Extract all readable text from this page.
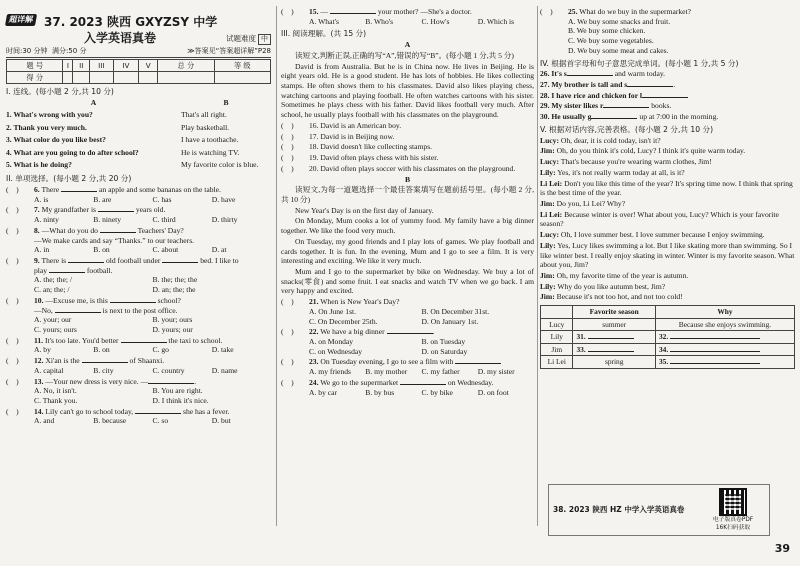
超详解 37. 2023 陕西 GXYZSY 中学
入学英语真卷	试题难度 中
时间:30 分钟 满分:50 分	≫答案见“答案超详解”P28
题 号	I	II	III	IV	V	总 分	等 级
得 分							
I. 连线。(每小题 2 分,共 10 分)
A	B
1. What's wrong with you?	That's all right.
2. Thank you very much.	Play basketball.
3. What color do you like best?	I have a toothache.
4. What are you going to do after school?	He is watching TV.
5. What is he doing?	My favorite color is blue.
II. 单项选择。(每小题 2 分,共 20 分)
(    )	6. There	an apple and some bananas on the table.
A. is	B. are	C. has	D. have
(    )	7. My grandfather is	years old.
A. ninty	B. ninety	C. third	D. thirty
(    )	8. —What do you do	Teachers' Day?
—We make cards and say “Thanks.” to our teachers.
A. in	B. on	C. about	D. at
(    )	9. There is	old football under	bed. I like to
play	football.
A. the; the; /	B. the; the; the
C. an; the; /	D. an; the; the
(    )	10. —Excuse me, is this	school?
—No,	is next to the post office.
A. your; our	B. your; ours
C. yours; ours	D. yours; our
(    )	11. It's too late. You'd better	the taxi to school.
A. by	B. on	C. go	D. take
(    )	12. Xi'an is the	of Shaanxi.
A. capital	B. city	C. country	D. name
(    )	13. —Your new dress is very nice. —	.
A. No, it isn't.	B. You are right.
C. Thank you.	D. I think it's nice.
(    )	14. Lily can't go to school today,	she has a fever.
A. and	B. because	C. so	D. but
(    )	15. —	your mother? —She's a doctor.
A. What's	B. Who's	C. How's	D. Which is
III. 阅读理解。(共 15 分)
A
读短文,判断正误,正确的写“A”,错误的写“B”。(每小题 1 分,共 5 分)
David is from Australia. But he is in China now. He lives in Beijing. He is eight years old. He is a good student. He has lots of hobbies. He likes collecting stamps. He often shows them to his classmates. David also likes playing chess, watching cartoons and playing football. He often watches cartoons with his sister. Sometimes he plays chess with his father. David likes football very much. After school, he usually plays football with his classmates on the playground.
(    )	16. David is an American boy.
(    )	17. David is in Beijing now.
(    )	18. David doesn't like collecting stamps.
(    )	19. David often plays chess with his sister.
(    )	20. David often plays soccer with his classmates on the playground.
B
读短文,为每一道题选择一个最佳答案填写在题前括号里。(每小题 2 分,共 10 分)
New Year's Day is on the first day of January.
On Monday, Mum cooks a lot of yummy food. My family have a big dinner together. We like the food very much.
On Tuesday, my good friends and I play lots of games. We play football and cards together. It is fun. In the evening, Mum and I go to see a film. It is very interesting and exciting. We like it very much.
Mum and I go to the supermarket by bike on Wednesday. We buy a lot of snacks(零食) and some fruit. I eat snacks and watch TV when we go back. I am very happy and excited.
(    )	21. When is New Year's Day?
A. On June 1st.	B. On December 31st.
C. On December 25th.	D. On January 1st.
(    )	22. We have a big dinner	.
A. on Monday	B. on Tuesday
C. on Wednesday	D. on Saturday
(    )	23. On Tuesday evening, I go to see a film with
A. my friends	B. my mother	C. my father	D. my sister
(    )	24. We go to the supermarket	on Wednesday.
A. by car	B. by bus	C. by bike	D. on foot
(    )	25. What do we buy in the supermarket?
A. We buy some snacks and fruit.
B. We buy some chicken.
C. We buy some vegetables.
D. We buy some meat and cakes.
IV. 根据首字母和句子意思完成单词。(每小题 1 分,共 5 分)
26. It's s	and warm today.
27. My brother is tall and s	.
28. I have rice and chicken for l
29. My sister likes r	books.
30. He usually g	up at 7:00 in the morning.
V. 根据对话内容,完善表格。(每小题 2 分,共 10 分)
Lucy: Oh, dear, it is cold today, isn't it?
Jim: Oh, do you think it's cold, Lucy? I think it's quite warm today.
Lucy: That's because you're wearing warm clothes, Jim!
Lily: Yes, it's not really warm today at all, is it?
Li Lei: Don't you like this time of the year? It's spring time now. I think that spring is the best time of the year.
Jim: Do you, Li Lei? Why?
Li Lei: Because winter is over! What about you, Lucy? Which is your favorite season?
Lucy: Oh, I love summer best. I love summer because I enjoy swimming.
Lily: Yes, Lucy likes swimming a lot. But I like skating more than swimming. So I like winter best. I really enjoy skating in winter. Winter is my favorite season. What about you, Jim?
Jim: Oh, my favorite time of the year is autumn.
Lily: Why do you like autumn best, Jim?
Jim: Because it's not too hot, and not too cold!
	Favorite season	Why
Lucy	summer	Because she enjoys swimming.
Lily	31.	32.
Jim	33.	34.
Li Lei	spring	35.
38. 2023 陕西 HZ 中学入学英语真卷
电子版真卷PDF
16K扫码获取
39
